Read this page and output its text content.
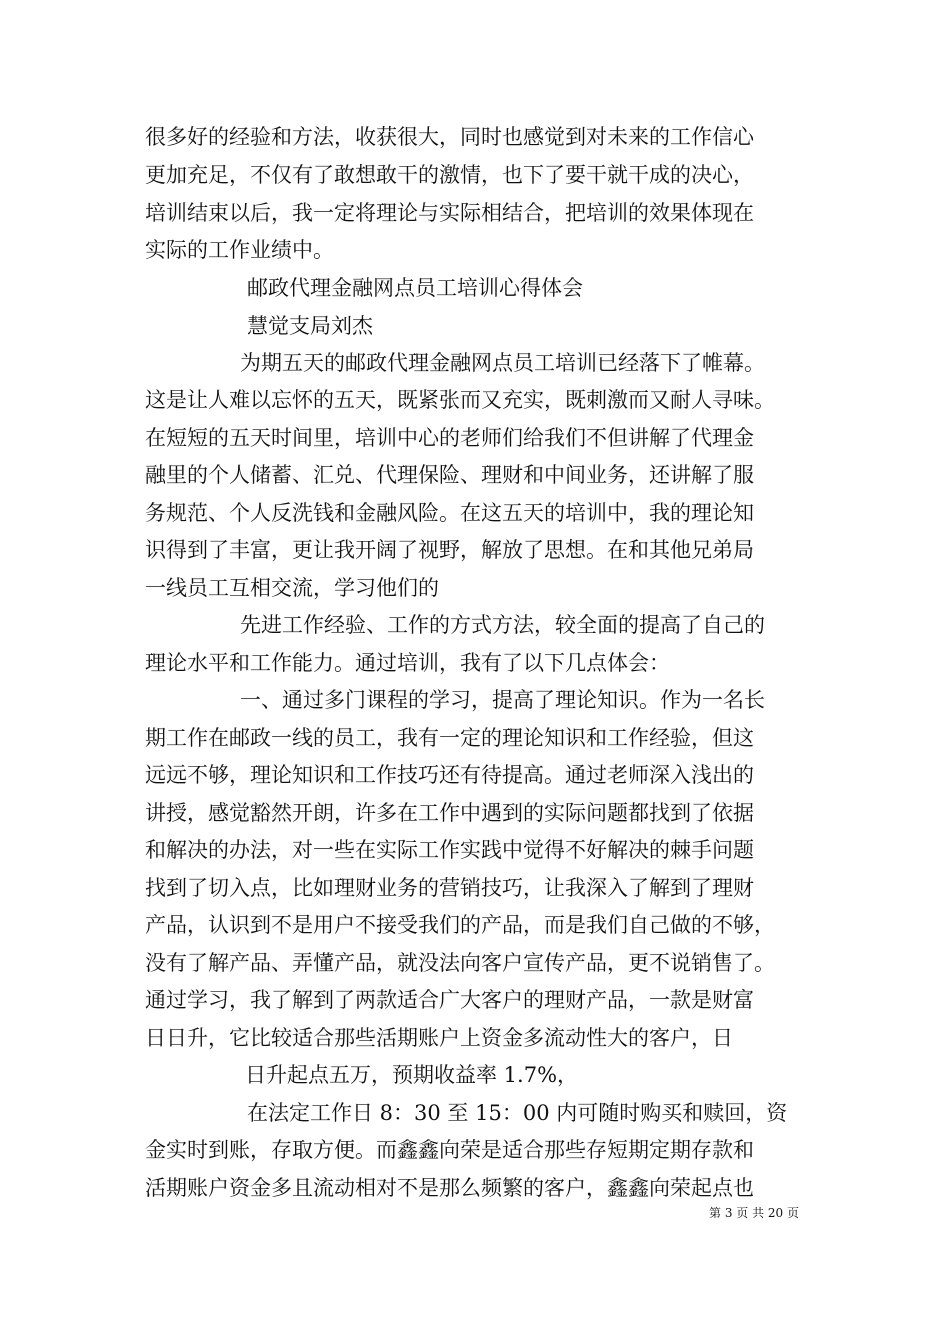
很多好的经验和方法，收获很大，同时也感觉到对未来的工作信心
更加充足，不仅有了敢想敢干的激情，也下了要干就干成的决心，
培训结束以后，我一定将理论与实际相结合，把培训的效果体现在
实际的工作业绩中。
邮政代理金融网点员工培训心得体会
慧觉支局刘杰
为期五天的邮政代理金融网点员工培训已经落下了帷幕。
这是让人难以忘怀的五天，既紧张而又充实，既刺激而又耐人寻味。
在短短的五天时间里，培训中心的老师们给我们不但讲解了代理金
融里的个人储蓄、汇兑、代理保险、理财和中间业务，还讲解了服
务规范、个人反洗钱和金融风险。在这五天的培训中，我的理论知
识得到了丰富，更让我开阔了视野，解放了思想。在和其他兄弟局
一线员工互相交流，学习他们的
先进工作经验、工作的方式方法，较全面的提高了自己的
理论水平和工作能力。通过培训，我有了以下几点体会：
一、通过多门课程的学习，提高了理论知识。作为一名长
期工作在邮政一线的员工，我有一定的理论知识和工作经验，但这
远远不够，理论知识和工作技巧还有待提高。通过老师深入浅出的
讲授，感觉豁然开朗，许多在工作中遇到的实际问题都找到了依据
和解决的办法，对一些在实际工作实践中觉得不好解决的棘手问题
找到了切入点，比如理财业务的营销技巧，让我深入了解到了理财
产品，认识到不是用户不接受我们的产品，而是我们自己做的不够，
没有了解产品、弄懂产品，就没法向客户宣传产品，更不说销售了。
通过学习，我了解到了两款适合广大客户的理财产品，一款是财富
日日升，它比较适合那些活期账户上资金多流动性大的客户，日
日升起点五万，预期收益率 1.7%，
在法定工作日 8：30 至 15：00 内可随时购买和赎回，资
金实时到账，存取方便。而鑫鑫向荣是适合那些存短期定期存款和
活期账户资金多且流动相对不是那么频繁的客户，鑫鑫向荣起点也
第 3 页 共 20 页
